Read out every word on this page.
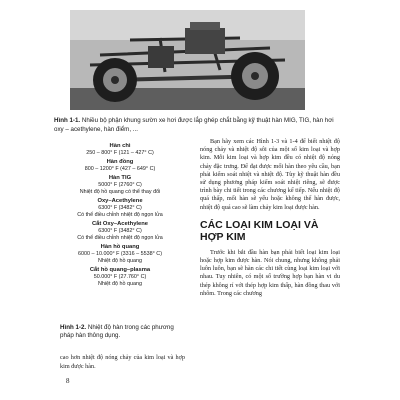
Hình 1-1. Nhiều bộ phận khung sườn xe hơi được lắp ghép chắt bằng kỹ thuật hàn MIG, TIG, hàn hơi oxy – acethylene, hàn điểm, ...
Hàn chì
250 – 800° F (121 – 427° C)
Hàn đồng
800 – 1200° F (427 – 649° C)
Hàn TIG
5000° F (2760° C)
Nhiệt độ hồ quang có thể thay đổi
Oxy–Acethylene
6300° F (3482° C)
Có thể điều chỉnh nhiệt độ ngọn lửa
Cắt Oxy–Acethylene
6300° F (3482° C)
Có thể điều chỉnh nhiệt độ ngọn lửa
Hàn hồ quang
6000 – 10.000° F (3316 – 5538° C)
Nhiệt độ hồ quang
Cắt hồ quang–plasma
50.000° F (27.760° C)
Nhiệt độ hồ quang
Hình 1-2. Nhiệt độ hàn trong các phương pháp hàn thông dụng.

cao hơn nhiệt độ nóng chảy của kim loại và hợp kim được hàn.

Bạn hãy xem các Hình 1-3 và 1-4 để biết nhiệt độ nóng chảy và nhiệt độ sôi của một số kim loại và hợp kim. Mỗi kim loại và hợp kim đều có nhiệt độ nóng chảy đặc trưng. Để đạt được mối hàn theo yêu cầu, bạn phải kiểm soát nhiệt và nhiệt độ. Tùy kỹ thuật hàn đều sử dụng phương pháp kiểm soát nhiệt riêng, sẽ được trình bày chi tiết trong các chương kế tiếp. Nếu nhiệt độ quá thấp, mối hàn sẽ yếu hoặc không thể hàn được, nhiệt độ quá cao sẽ làm chảy kim loại được hàn.

CÁC LOẠI KIM LOẠI VÀ HỢP KIM

Trước khi bắt đầu hàn bạn phải biết loại kim loại hoặc hợp kim được hàn. Nói chung, nhưng không phải luôn luôn, bạn sẽ hàn các chi tiết cùng loại kim loại với nhau. Tuy nhiên, có một số trường hợp bạn hàn vi du thép không rỉ với thép hợp kim thấp, hàn đồng thau với nhôm. Trong các chương

8
